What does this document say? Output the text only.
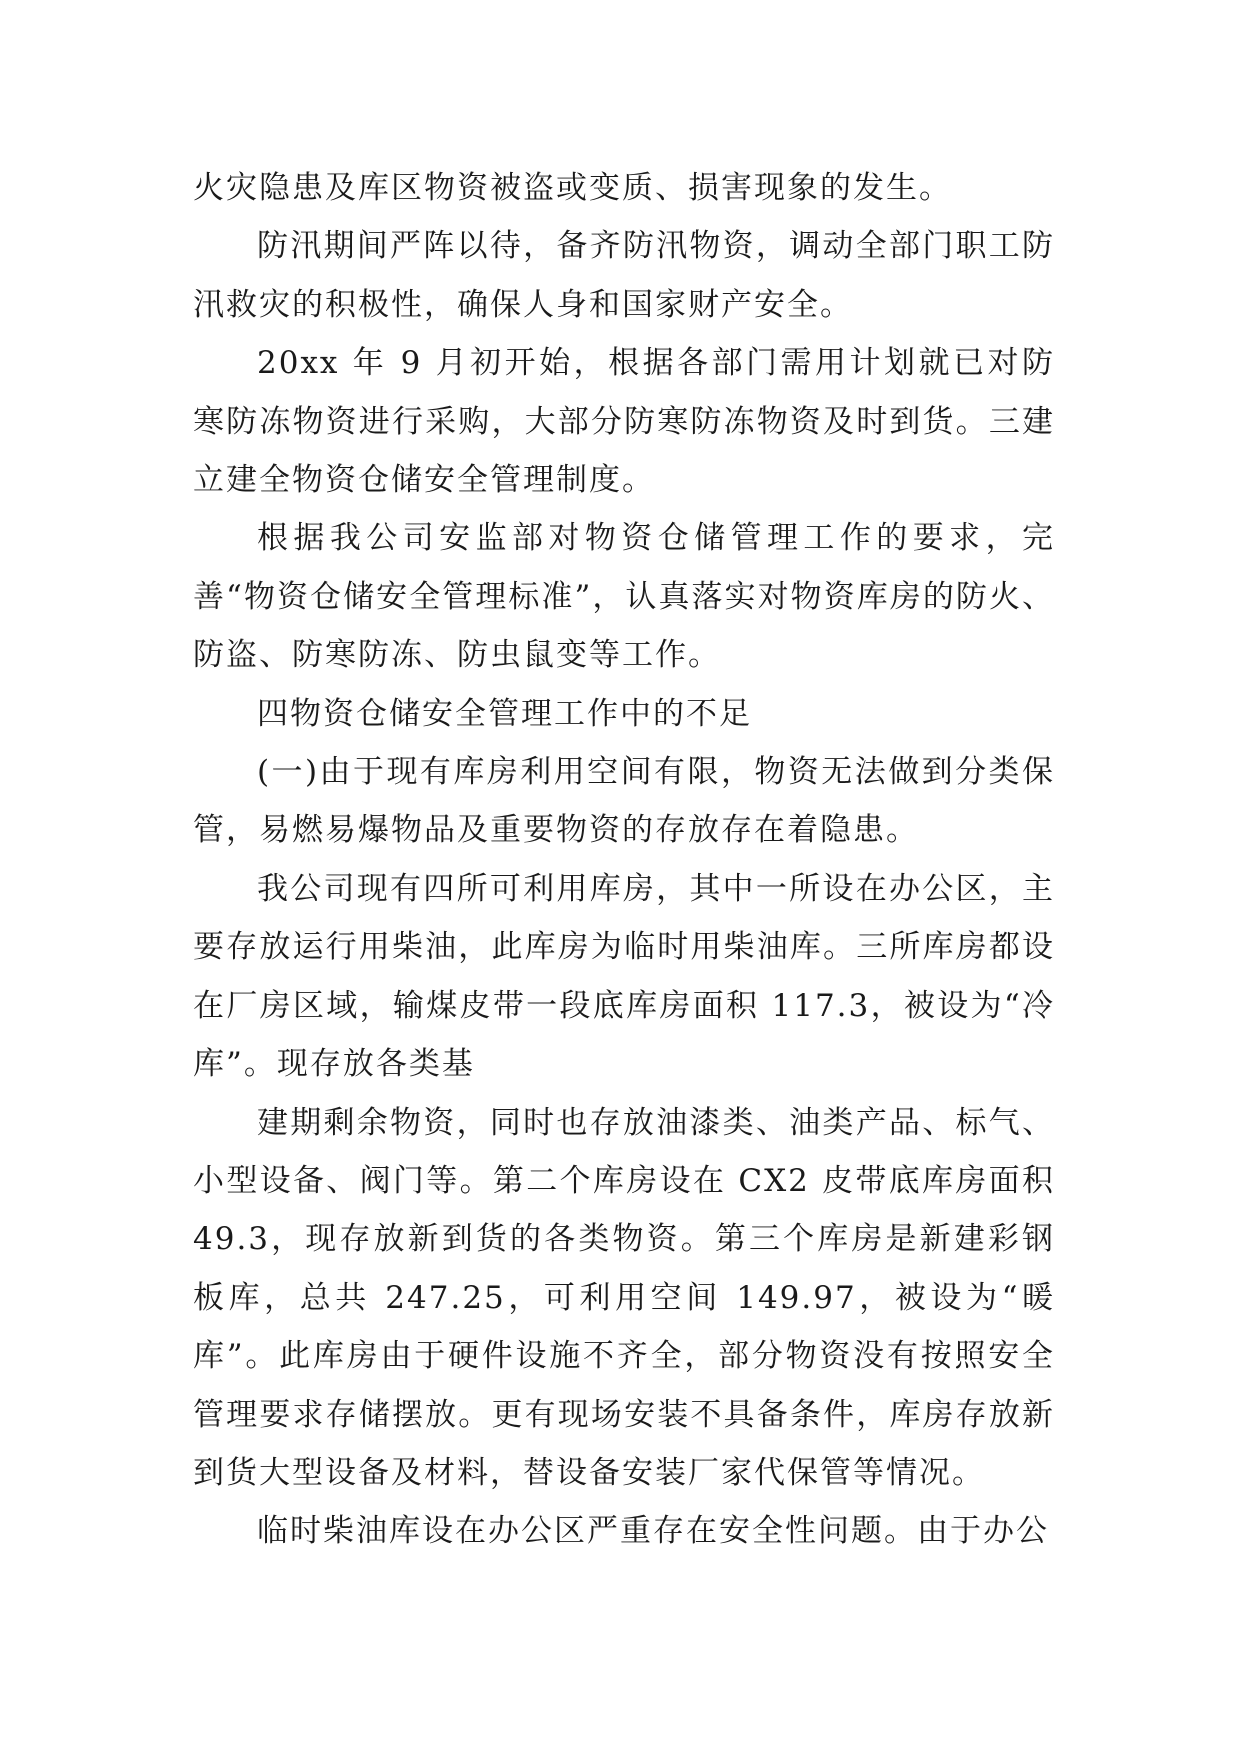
火灾隐患及库区物资被盗或变质、损害现象的发生。

防汛期间严阵以待，备齐防汛物资，调动全部门职工防汛救灾的积极性，确保人身和国家财产安全。

20xx 年 9 月初开始，根据各部门需用计划就已对防寒防冻物资进行采购，大部分防寒防冻物资及时到货。三建立建全物资仓储安全管理制度。

根据我公司安监部对物资仓储管理工作的要求，完善“物资仓储安全管理标准”，认真落实对物资库房的防火、防盗、防寒防冻、防虫鼠变等工作。

四物资仓储安全管理工作中的不足

(一)由于现有库房利用空间有限，物资无法做到分类保管，易燃易爆物品及重要物资的存放存在着隐患。

我公司现有四所可利用库房，其中一所设在办公区，主要存放运行用柴油，此库房为临时用柴油库。三所库房都设在厂房区域，输煤皮带一段底库房面积 117.3，被设为“冷库”。现存放各类基

建期剩余物资，同时也存放油漆类、油类产品、标气、小型设备、阀门等。第二个库房设在 CX2 皮带底库房面积 49.3，现存放新到货的各类物资。第三个库房是新建彩钢板库，总共 247.25，可利用空间 149.97，被设为“暖库”。此库房由于硬件设施不齐全，部分物资没有按照安全管理要求存储摆放。更有现场安装不具备条件，库房存放新到货大型设备及材料，替设备安装厂家代保管等情况。

临时柴油库设在办公区严重存在安全性问题。由于办公
